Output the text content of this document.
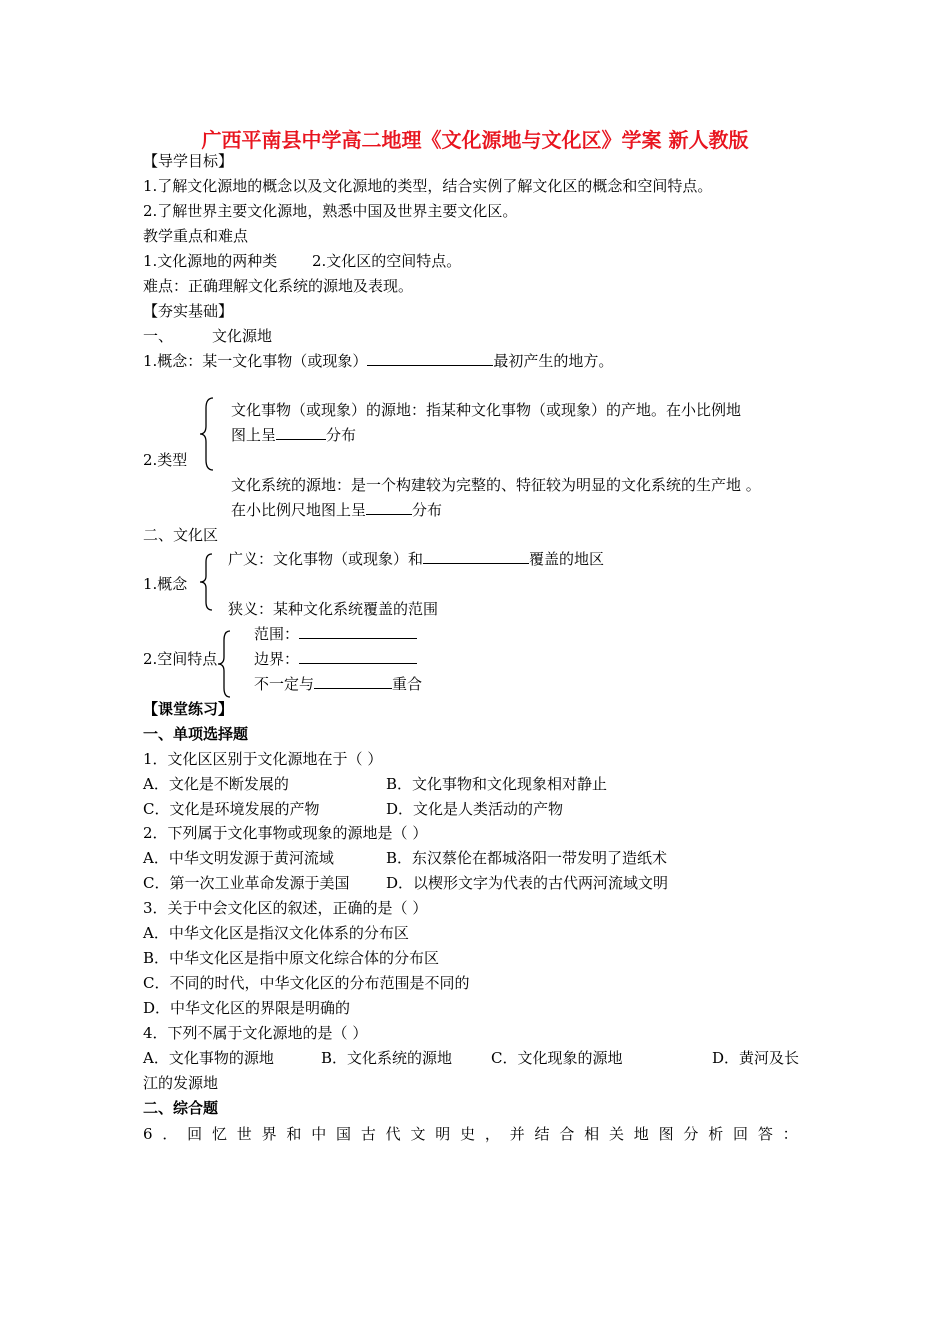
广西平南县中学高二地理《文化源地与文化区》学案 新人教版
【导学目标】
1.了解文化源地的概念以及文化源地的类型，结合实例了解文化区的概念和空间特点。
2.了解世界主要文化源地，熟悉中国及世界主要文化区。
教学重点和难点
1.文化源地的两种类 2.文化区的空间特点。
难点：正确理解文化系统的源地及表现。
【夯实基础】
一、	文化源地
1.概念：某一文化事物（或现象）	最初产生的地方。
文化事物（或现象）的源地：指某种文化事物（或现象）的产地。在小比例地
图上呈	分布
2.类型
文化系统的源地：是一个构建较为完整的、特征较为明显的文化系统的生产地 。
在小比例尺地图上呈	分布
二、文化区
广义：文化事物（或现象）和	覆盖的地区
1.概念
狭义：某种文化系统覆盖的范围
范围：
2.空间特点 边界：
不一定与	重合
【课堂练习】
一、单项选择题
1．文化区区别于文化源地在于（ ）
A．文化是不断发展的	B．文化事物和文化现象相对静止
C．文化是环境发展的产物	D．文化是人类活动的产物
2．下列属于文化事物或现象的源地是（ ）
A．中华文明发源于黄河流域	B．东汉蔡伦在都城洛阳一带发明了造纸术
C．第一次工业革命发源于美国 D．以楔形文字为代表的古代两河流域文明
3．关于中会文化区的叙述，正确的是（ ）
A．中华文化区是指汉文化体系的分布区
B．中华文化区是指中原文化综合体的分布区
C．不同的时代，中华文化区的分布范围是不同的
D．中华文化区的界限是明确的
4．下列不属于文化源地的是（ ）
A．文化事物的源地	B．文化系统的源地	C．文化现象的源地	D．黄河及长
江的发源地
二、综合题
6 ． 回 忆 世 界 和 中 国 古 代 文 明 史 ， 并 结 合 相 关 地 图 分 析 回 答 ：
